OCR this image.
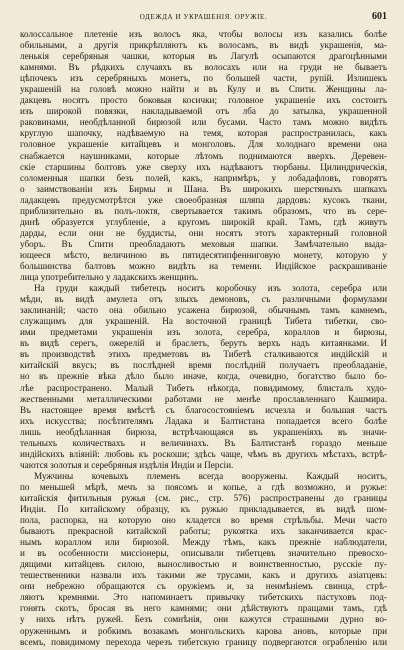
ОДЕЖДА И УКРАШЕНІЯ. ОРУЖІЕ.	601
колоссальное плетеніе изъ волосъ яка, чтобы волосы изъ казались болѣе
обильными, а другія прикрѣпляютъ къ волосамъ, въ видѣ украшенія, ма-
ленькія серебряныя чашки, которыя въ Лагулѣ осыпаются драгоцѣнными
камнями. Въ рѣдкихъ случаяхъ въ волосахъ или на груди не бываетъ
цѣпочекъ изъ серебряныхъ монетъ, по большей части, рупій. Излишекъ
украшеній на головѣ можно найти и въ Кулу и въ Спити. Женщины ла-
дакцевъ носятъ просто боковыя косички; головное украшеніе ихъ состоитъ
изъ широкой повязки, накладываемой отъ лба до затылка, украшенной
раковинами, необдѣланной бирюзой или бусами. Часто тамъ можно видѣть
круглую шапочку, надѣваемую на темя, которая распространилась, какъ
головное украшеніе китайцевъ и монголовъ. Для холоднаго времени она
снабжается наушниками, которые лѣтомъ поднимаются вверхъ. Деревен-
скіе старшины болтовъ уже сверху ихъ надѣваютъ тюрбаны. Цилиндрическія,
соломенныя шапки безъ полей, какъ, напримѣръ, у лобадафловъ, говорятъ
о заимствованіи изъ Бирмы и Шана. Въ широкихъ шерстяныхъ шапкахъ
ладакцевъ предусмотрѣтся уже своеобразная шляпа дардовъ: кусокъ ткани,
приблизительно въ полъ-локтя, свертывается такимъ образомъ, что въ сере-
динѣ образуется углубленіе, а кругомъ широкій край. Тамъ, гдѣ живутъ
дарды, если они не буддисты, они носятъ этотъ характерный головной
уборъ. Въ Спити преобладаютъ меховыя шапки. Замѣчательно выда-
ющееся мѣсто, величиною въ пятидесятипфенниговую монету, которую у
большинства балтовъ можно видѣть на темени. Индійское раскрашиваніе
лица употребительно у ладакскихъ женщинъ.
На груди каждый тибетецъ носитъ коробочку изъ золота, серебра или
мѣди, въ видѣ амулета отъ злыхъ демоновъ, съ различными формулами
заклинаній; часто она обильно усажена бирюзой, обычнымъ тамъ камнемъ,
служащимъ для украшеній. На восточной границѣ Тибета тибетки, сво-
ими предметами украшенія изъ золота, серебра, кораллов и бирюзы,
въ видѣ серегъ, ожерелій и браслетъ, берутъ верхъ надъ китаянками. И
въ производствѣ этихъ предметовъ въ Тибетѣ сталкиваются индійскій и
китайскій вкусъ; въ послѣдней время послѣдній получаетъ преобладаніе,
но въ прежніе вѣка дѣло было иначе, когда, очевидно, богатство было бо-
лѣе распространено. Малый Тибетъ нѣкогда, повидимому, блисталъ худо-
жественными металлическими работами не менѣе прославленнаго Кашмира.
Въ настоящее время вмѣстѣ съ благосостояніемъ исчезла и большая частъ
ихъ искусства; посѣтителямъ Ладака и Балтистана попадается всего болѣе
лишь необдѣланная бирюза, встрѣчающаяся въ украшеніяхъ въ значи-
тельныхъ количествахъ и величинахъ. Въ Балтистанѣ гораздо меньше
индійскихъ вліяній: любовь къ роскоши; здѣсь чаще, чѣмъ въ другихъ мѣстахъ, встрѣ-
чаются золотыя и серебряныя издѣлія Индіи и Персіи.
Мужчины кочевыхъ племенъ всегда вооружены. Каждый носитъ,
по меньшей мѣрѣ, мечъ за поясомъ и копье, а гдѣ возможно, и ружье:
китайскія фитильныя ружья (см. рис., стр. 576) распространены до границы
Индіи. По китайскому образцу, къ ружью прикладывается, въ видѣ шом-
пола, распорка, на которую оно кладется во время стрѣльбы. Мечи часто
бываютъ прекрасной китайской работы; рукоятка ихъ заканчивается крас-
нымъ кораллом или бирюзой. Между тѣмъ, какъ прежніе наблюдатели,
и въ особенности миссіонеры, описывали тибетцевъ значительно превосхо-
дящими китайцевъ силою, выносливостью и воинственностью, русскіе пу-
тешественники назвали ихъ такими же трусами, какъ и другихъ азіатцевъ:
они небрежно обращаются съ оружіемъ и, за неимѣніемъ свинца, стрѣ-
ляютъ кремнями. Это напоминаетъ привычку тибетскихъ пастуховъ под-
гонять скотъ, бросая въ него камнями; они дѣйствуютъ пращами тамъ, гдѣ
у нихъ нѣтъ ружей. Безъ сомнѣнія, они кажутся страшными дурно во-
оруженнымъ и робкимъ возакамъ монгольскихъ карова ановъ, которые при
всемъ, повидимому перехода черезъ тибетскую границу подвергаются ограбленію или
